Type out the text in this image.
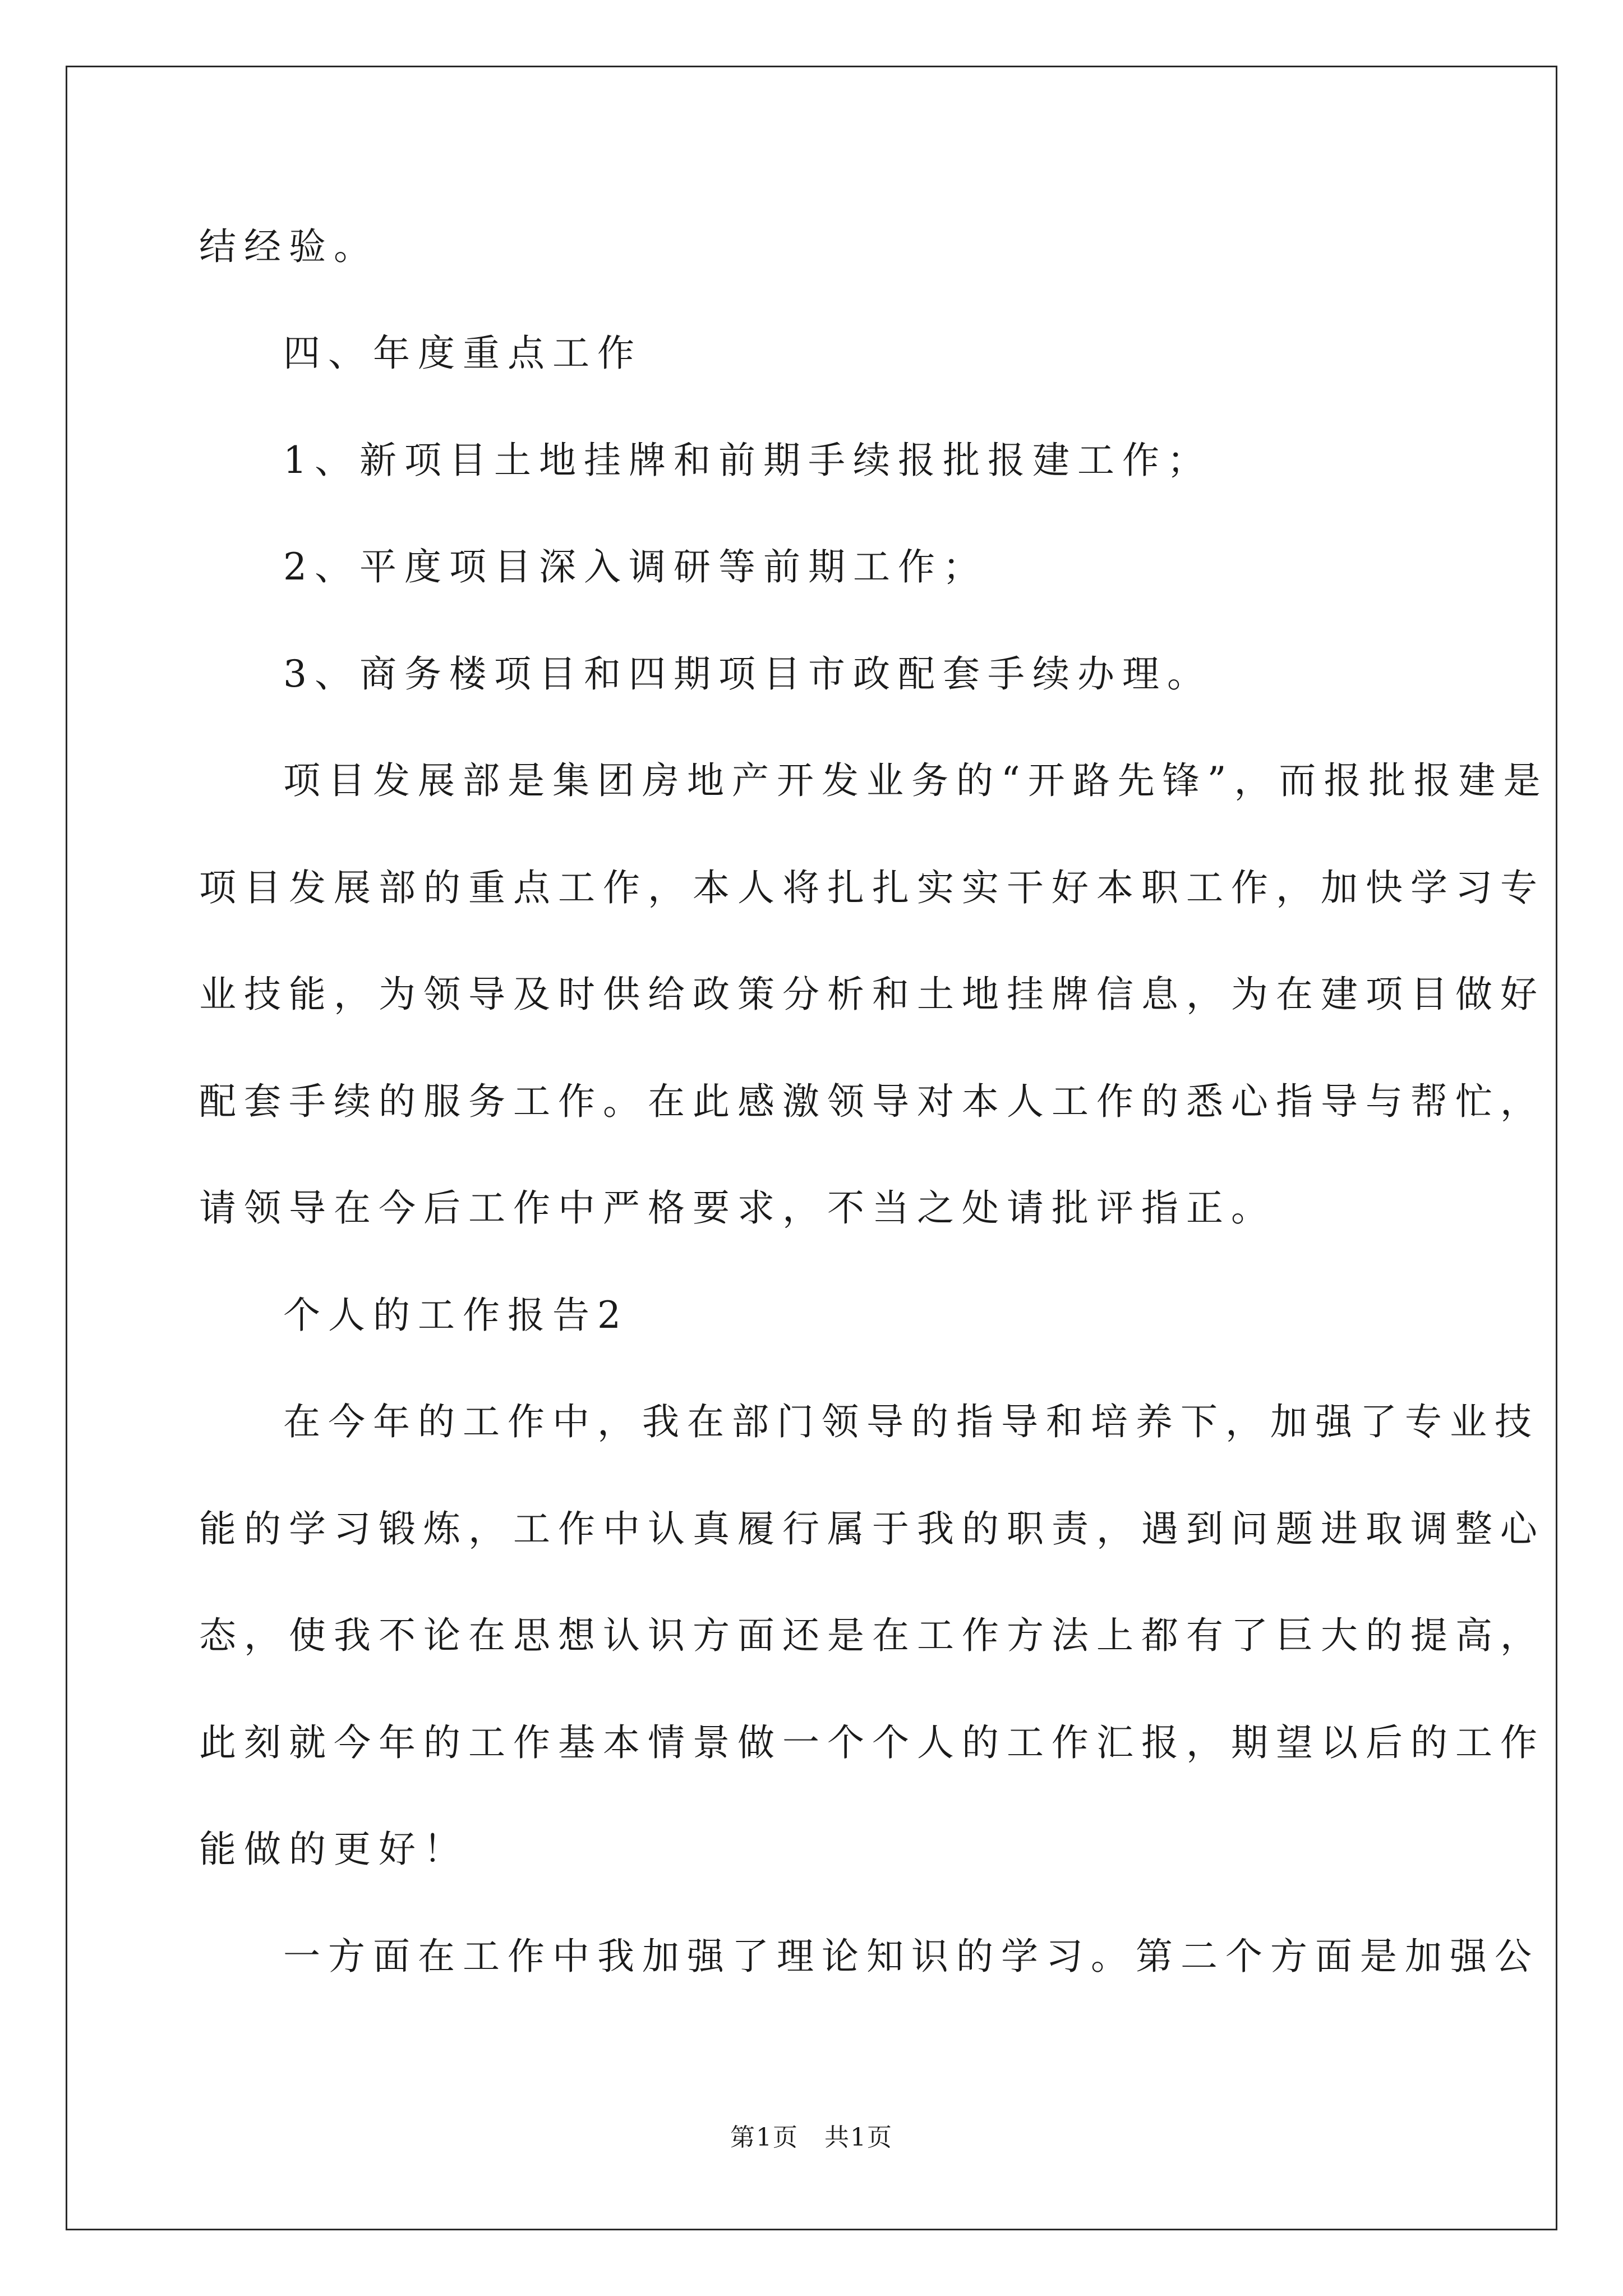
结经验。
四、年度重点工作
1、新项目土地挂牌和前期手续报批报建工作；
2、平度项目深入调研等前期工作；
3、商务楼项目和四期项目市政配套手续办理。
项目发展部是集团房地产开发业务的“开路先锋”，而报批报建是
项目发展部的重点工作，本人将扎扎实实干好本职工作，加快学习专
业技能，为领导及时供给政策分析和土地挂牌信息，为在建项目做好
配套手续的服务工作。在此感激领导对本人工作的悉心指导与帮忙，
请领导在今后工作中严格要求，不当之处请批评指正。
个人的工作报告2
在今年的工作中，我在部门领导的指导和培养下，加强了专业技
能的学习锻炼，工作中认真履行属于我的职责，遇到问题进取调整心
态，使我不论在思想认识方面还是在工作方法上都有了巨大的提高，
此刻就今年的工作基本情景做一个个人的工作汇报，期望以后的工作
能做的更好！
一方面在工作中我加强了理论知识的学习。第二个方面是加强公
第1页　共1页
